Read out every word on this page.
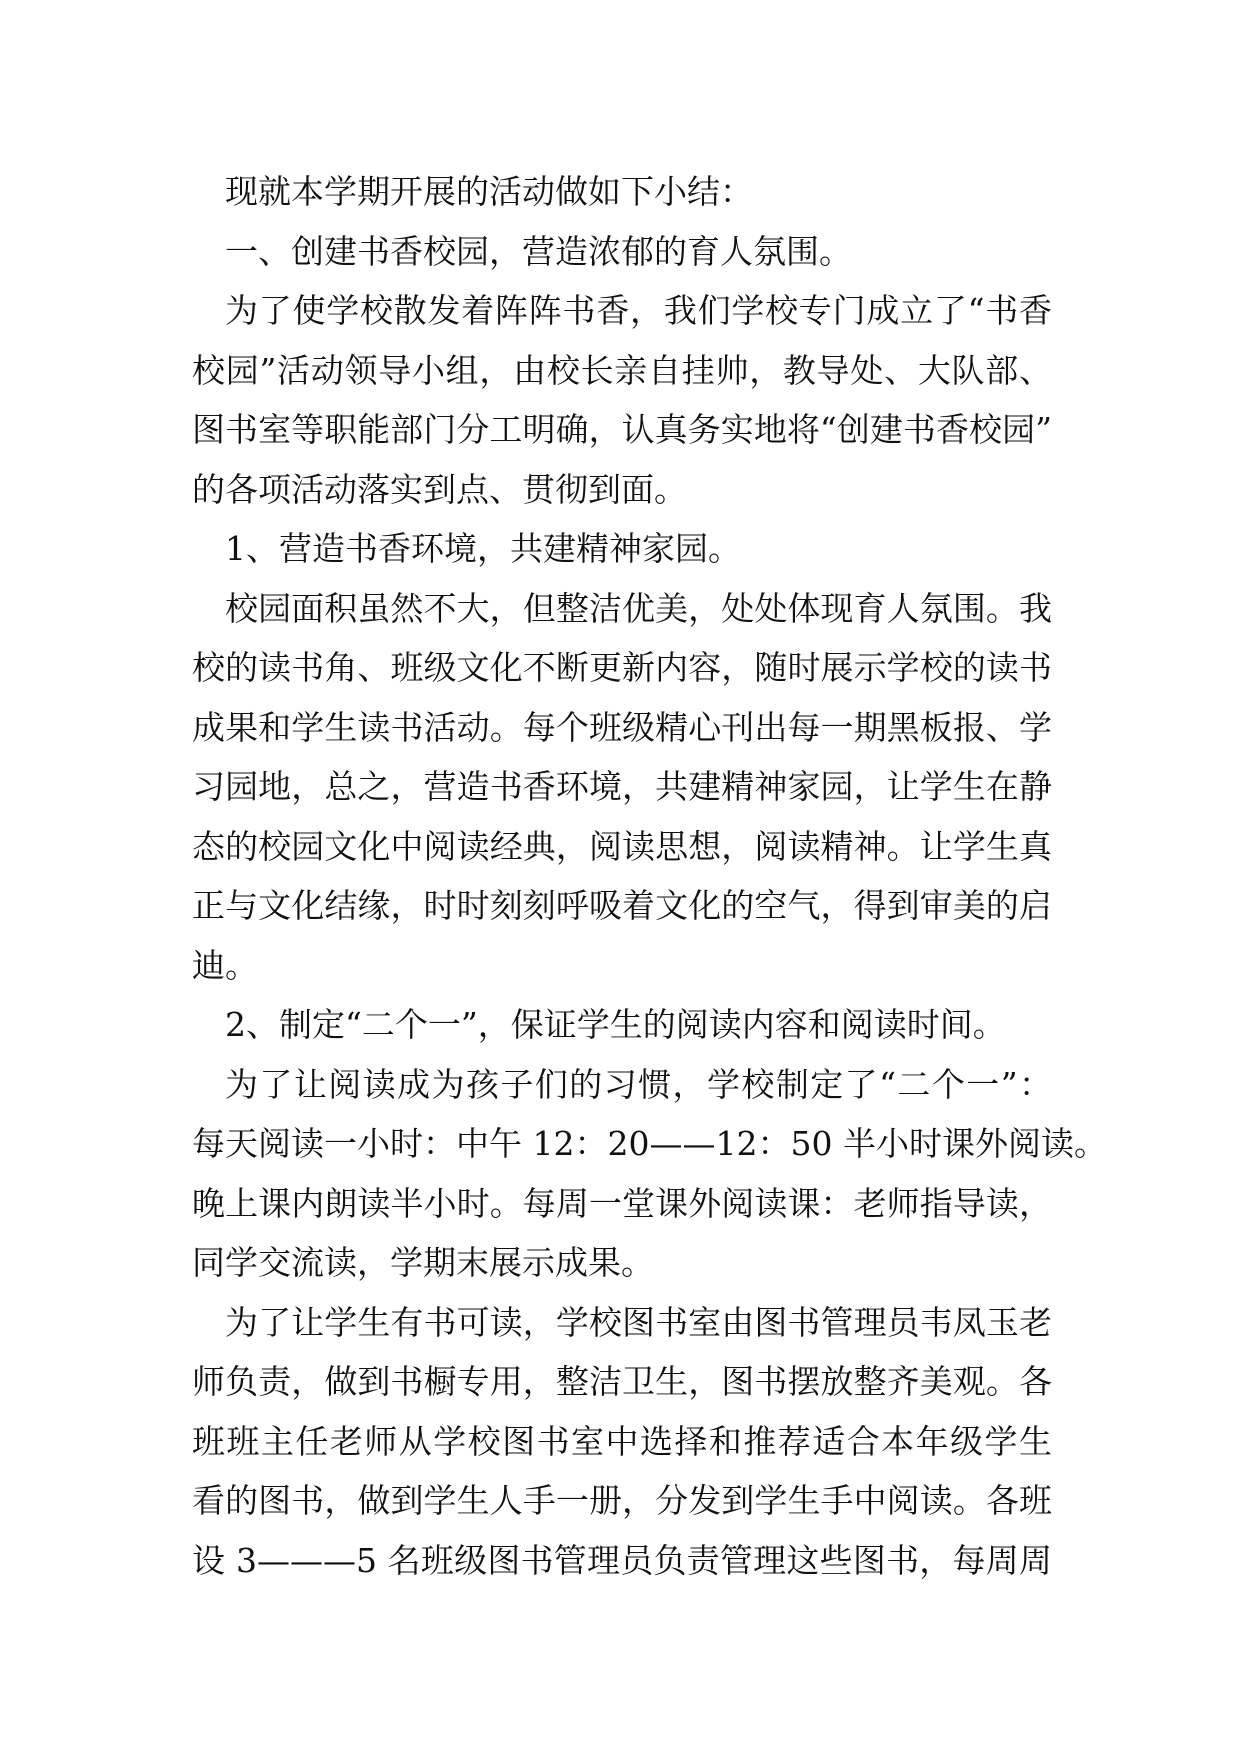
现就本学期开展的活动做如下小结：
一、创建书香校园，营造浓郁的育人氛围。
为了使学校散发着阵阵书香，我们学校专门成立了“书香
校园”活动领导小组，由校长亲自挂帅，教导处、大队部、
图书室等职能部门分工明确，认真务实地将“创建书香校园”
的各项活动落实到点、贯彻到面。
1、营造书香环境，共建精神家园。
校园面积虽然不大，但整洁优美，处处体现育人氛围。我
校的读书角、班级文化不断更新内容，随时展示学校的读书
成果和学生读书活动。每个班级精心刊出每一期黑板报、学
习园地，总之，营造书香环境，共建精神家园，让学生在静
态的校园文化中阅读经典，阅读思想，阅读精神。让学生真
正与文化结缘，时时刻刻呼吸着文化的空气，得到审美的启
迪。
2、制定“二个一”，保证学生的阅读内容和阅读时间。
为了让阅读成为孩子们的习惯，学校制定了“二个一”：
每天阅读一小时：中午 12：20——12：50 半小时课外阅读。
晚上课内朗读半小时。每周一堂课外阅读课：老师指导读，
同学交流读，学期末展示成果。
为了让学生有书可读，学校图书室由图书管理员韦凤玉老
师负责，做到书橱专用，整洁卫生，图书摆放整齐美观。各
班班主任老师从学校图书室中选择和推荐适合本年级学生
看的图书，做到学生人手一册，分发到学生手中阅读。各班
设 3———5 名班级图书管理员负责管理这些图书，每周周
